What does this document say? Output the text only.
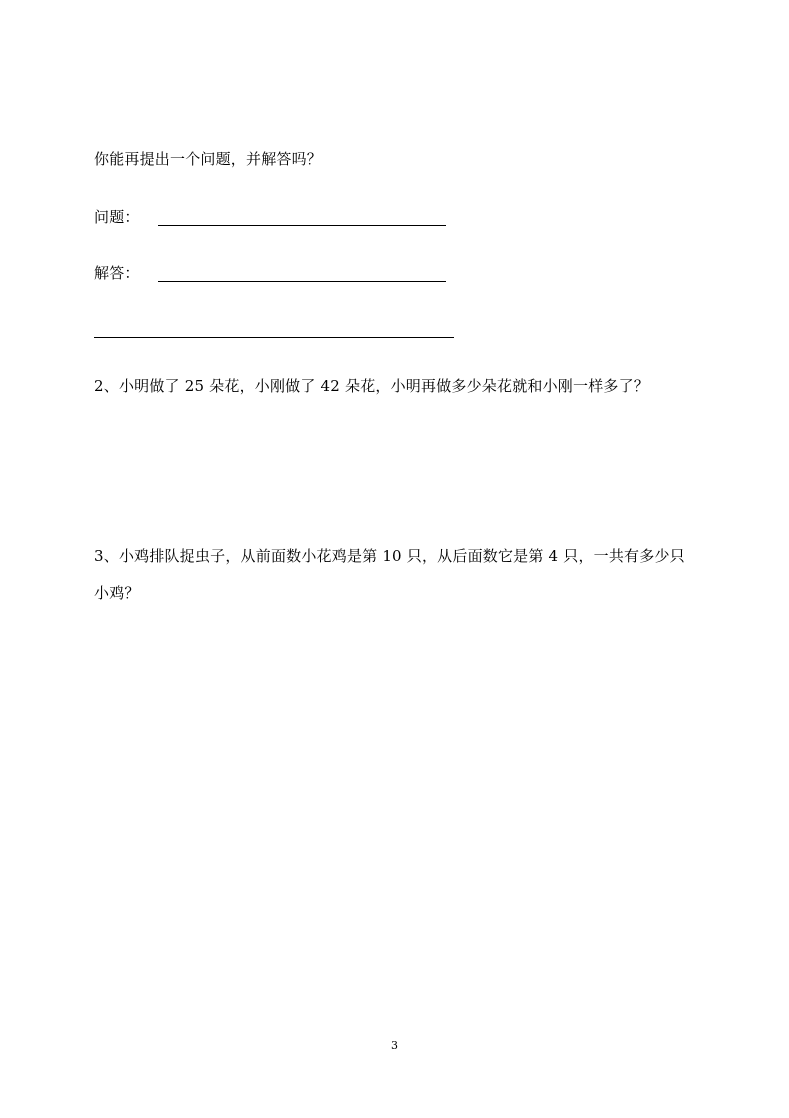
你能再提出一个问题，并解答吗？
问题：
解答：
2、小明做了 25 朵花，小刚做了 42 朵花，小明再做多少朵花就和小刚一样多了？
3、小鸡排队捉虫子，从前面数小花鸡是第 10 只，从后面数它是第 4 只，一共有多少只
小鸡？
3
